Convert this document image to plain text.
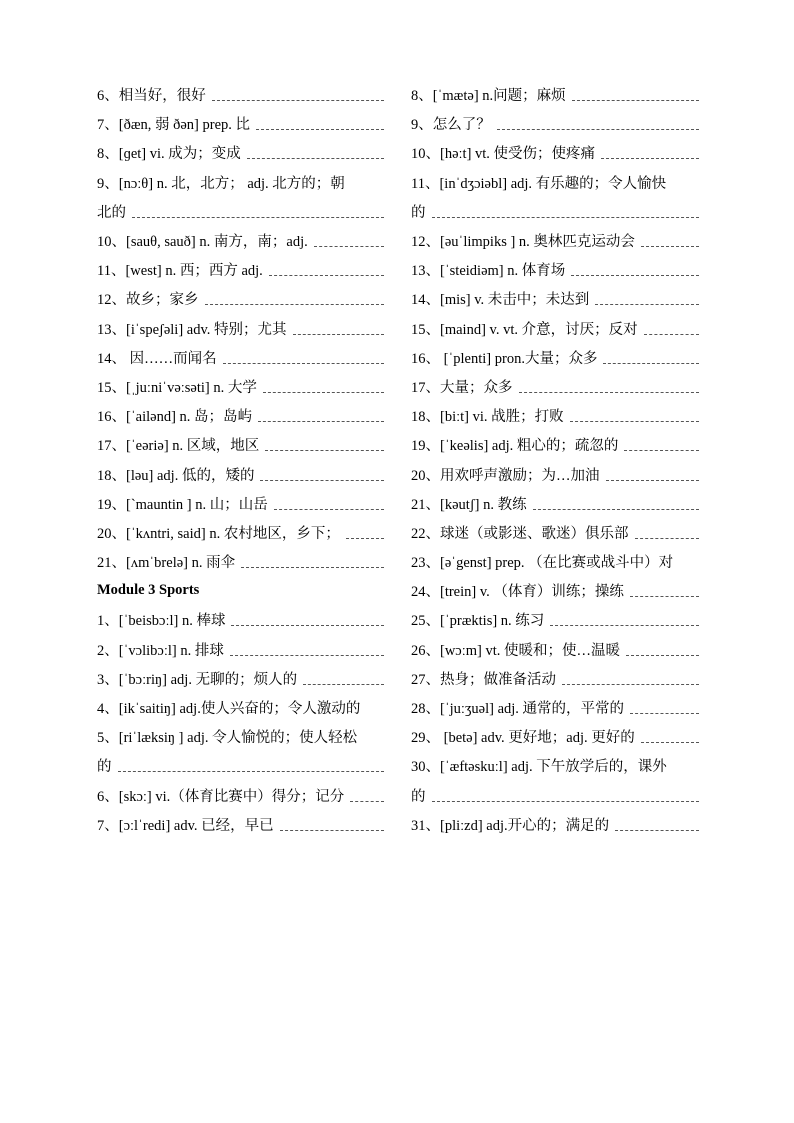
6、相当好，很好
7、[ðæn, 弱 ðən] prep. 比
8、[ɡet] vi. 成为；变成
9、[nɔːθ] n. 北，北方； adj. 北方的；朝
北的
10、[sauθ, sauð] n. 南方，南；adj.
11、[west] n. 西；西方 adj.
12、故乡；家乡
13、[iˈspeʃəli] adv. 特别；尤其
14、 因……而闻名
15、[ˌjuːniˈvəːsəti] n. 大学
16、[ˈailənd] n. 岛；岛屿
17、[ˈeəriə] n. 区域，地区
18、[ləu] adj. 低的，矮的
19、[ˋmauntin ] n. 山；山岳
20、[ˈkʌntri, said] n. 农村地区，乡下；
21、[ʌmˈbrelə] n. 雨伞
Module 3 Sports
1、[ˈbeisbɔːl] n. 棒球
2、[ˈvɔlibɔːl] n. 排球
3、[ˈbɔːriŋ] adj. 无聊的；烦人的
4、[ikˈsaitiŋ] adj.使人兴奋的；令人激动的
5、[riˈlæksiŋ ] adj. 令人愉悦的；使人轻松
的
6、[skɔː] vi.（体育比赛中）得分；记分
7、[ɔːlˈredi] adv. 已经，早已
8、[ˈmætə] n.问题；麻烦
9、怎么了？
10、[həːt] vt. 使受伤；使疼痛
11、[inˈdʒɔiəbl] adj. 有乐趣的；令人愉快
的
12、[əuˈlimpiks ] n. 奥林匹克运动会
13、[ˈsteidiəm] n. 体育场
14、[mis] v. 未击中；未达到
15、[maind] v. vt. 介意，讨厌；反对
16、 [ˈplenti] pron.大量；众多
17、大量；众多
18、[biːt] vi. 战胜；打败
19、[ˈkeəlis] adj. 粗心的；疏忽的
20、用欢呼声激励；为…加油
21、[kəutʃ] n. 教练
22、球迷（或影迷、歌迷）俱乐部
23、[əˈgenst] prep. （在比赛或战斗中）对
24、[trein] v. （体育）训练；操练
25、[ˈpræktis] n. 练习
26、[wɔːm] vt. 使暖和；使…温暖
27、热身；做准备活动
28、[ˈjuːʒuəl] adj. 通常的，平常的
29、 [betə] adv. 更好地；adj. 更好的
30、[ˈæftəskuːl] adj. 下午放学后的，课外
的
31、[pliːzd] adj.开心的；满足的
